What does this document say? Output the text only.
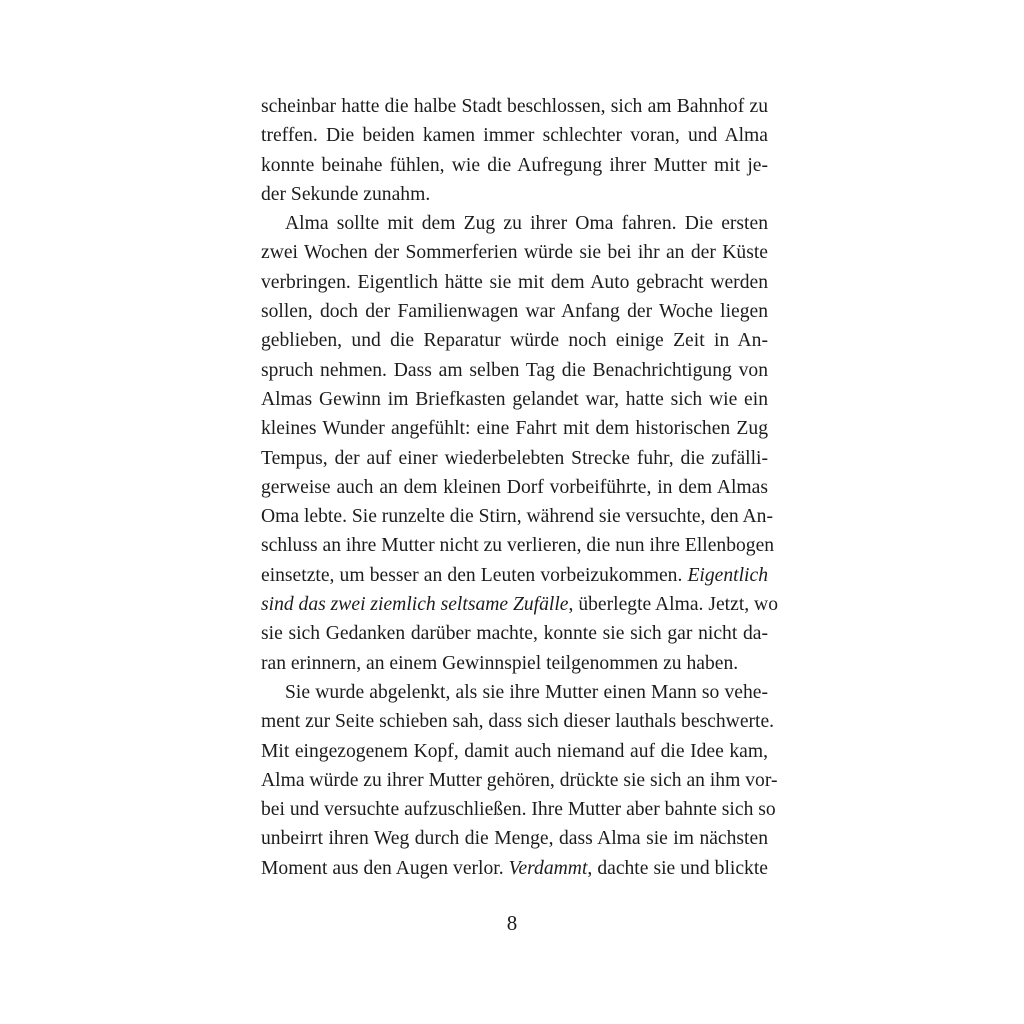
scheinbar hatte die halbe Stadt beschlossen, sich am Bahnhof zu
treffen. Die beiden kamen immer schlechter voran, und Alma
konnte beinahe fühlen, wie die Aufregung ihrer Mutter mit je-
der Sekunde zunahm.
Alma sollte mit dem Zug zu ihrer Oma fahren. Die ersten
zwei Wochen der Sommerferien würde sie bei ihr an der Küste
verbringen. Eigentlich hätte sie mit dem Auto gebracht werden
sollen, doch der Familienwagen war Anfang der Woche liegen
geblieben, und die Reparatur würde noch einige Zeit in An-
spruch nehmen. Dass am selben Tag die Benachrichtigung von
Almas Gewinn im Briefkasten gelandet war, hatte sich wie ein
kleines Wunder angefühlt: eine Fahrt mit dem historischen Zug
Tempus, der auf einer wiederbelebten Strecke fuhr, die zufälli-
gerweise auch an dem kleinen Dorf vorbeiführte, in dem Almas
Oma lebte. Sie runzelte die Stirn, während sie versuchte, den An-
schluss an ihre Mutter nicht zu verlieren, die nun ihre Ellenbogen
einsetzte, um besser an den Leuten vorbeizukommen. Eigentlich
sind das zwei ziemlich seltsame Zufälle, überlegte Alma. Jetzt, wo
sie sich Gedanken darüber machte, konnte sie sich gar nicht da-
ran erinnern, an einem Gewinnspiel teilgenommen zu haben.
Sie wurde abgelenkt, als sie ihre Mutter einen Mann so vehe-
ment zur Seite schieben sah, dass sich dieser lauthals beschwerte.
Mit eingezogenem Kopf, damit auch niemand auf die Idee kam,
Alma würde zu ihrer Mutter gehören, drückte sie sich an ihm vor-
bei und versuchte aufzuschließen. Ihre Mutter aber bahnte sich so
unbeirrt ihren Weg durch die Menge, dass Alma sie im nächsten
Moment aus den Augen verlor. Verdammt, dachte sie und blickte
8
